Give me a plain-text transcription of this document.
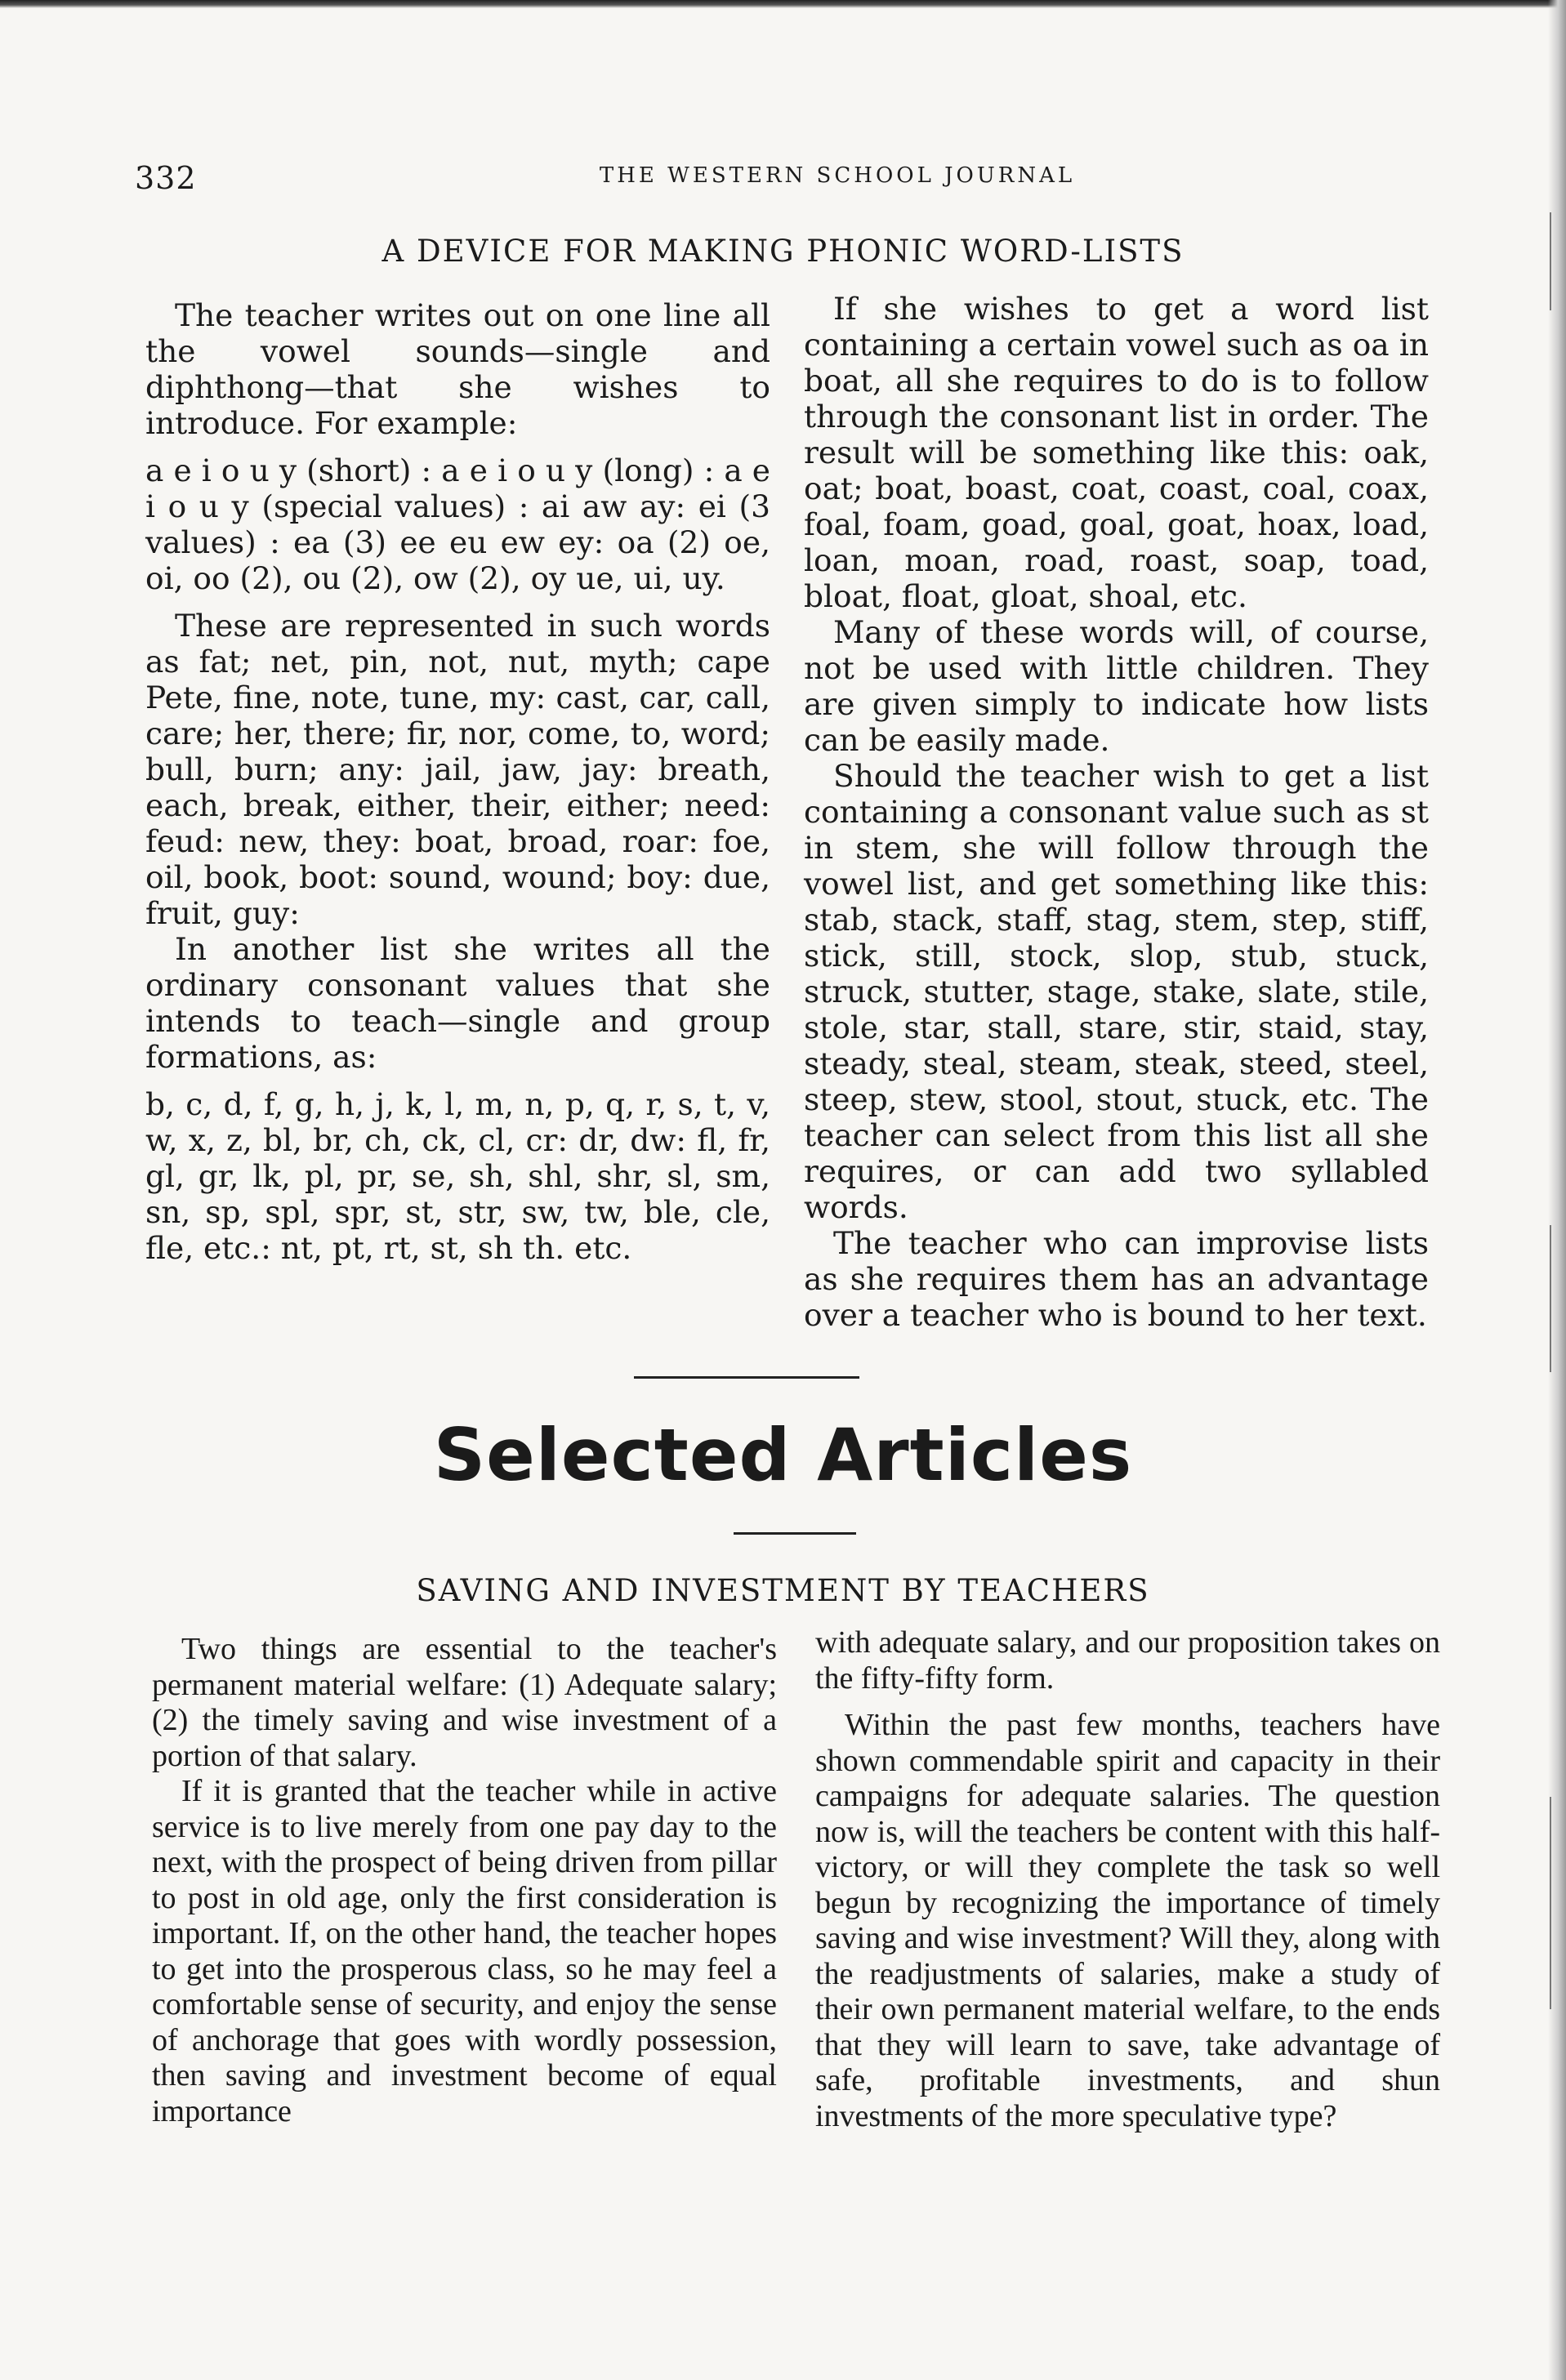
332	THE WESTERN SCHOOL JOURNAL
A DEVICE FOR MAKING PHONIC WORD-LISTS

The teacher writes out on one line all the vowel sounds—single and diphthong—that she wishes to introduce. For example:

a e i o u y (short) : a e i o u y (long) : a e i o u y (special values) : ai aw ay: ei (3 values) : ea (3) ee eu ew ey: oa (2) oe, oi, oo (2), ou (2), ow (2), oy ue, ui, uy.

These are represented in such words as fat; net, pin, not, nut, myth; cape Pete, fine, note, tune, my: cast, car, call, care; her, there; fir, nor, come, to, word; bull, burn; any: jail, jaw, jay: breath, each, break, either, their, either; need: feud: new, they: boat, broad, roar: foe, oil, book, boot: sound, wound; boy: due, fruit, guy:

In another list she writes all the ordinary consonant values that she intends to teach—single and group formations, as:

b, c, d, f, g, h, j, k, l, m, n, p, q, r, s, t, v, w, x, z, bl, br, ch, ck, cl, cr: dr, dw: fl, fr, gl, gr, lk, pl, pr, se, sh, shl, shr, sl, sm, sn, sp, spl, spr, st, str, sw, tw, ble, cle, fle, etc.: nt, pt, rt, st, sh th. etc.

If she wishes to get a word list containing a certain vowel such as oa in boat, all she requires to do is to follow through the consonant list in order. The result will be something like this: oak, oat; boat, boast, coat, coast, coal, coax, foal, foam, goad, goal, goat, hoax, load, loan, moan, road, roast, soap, toad, bloat, float, gloat, shoal, etc.

Many of these words will, of course, not be used with little children. They are given simply to indicate how lists can be easily made.

Should the teacher wish to get a list containing a consonant value such as st in stem, she will follow through the vowel list, and get something like this: stab, stack, staff, stag, stem, step, stiff, stick, still, stock, slop, stub, stuck, struck, stutter, stage, stake, slate, stile, stole, star, stall, stare, stir, staid, stay, steady, steal, steam, steak, steed, steel, steep, stew, stool, stout, stuck, etc. The teacher can select from this list all she requires, or can add two syllabled words.

The teacher who can improvise lists as she requires them has an advantage over a teacher who is bound to her text.

Selected Articles
SAVING AND INVESTMENT BY TEACHERS

Two things are essential to the teacher's permanent material welfare: (1) Adequate salary; (2) the timely saving and wise investment of a portion of that salary.

If it is granted that the teacher while in active service is to live merely from one pay day to the next, with the prospect of being driven from pillar to post in old age, only the first consideration is important. If, on the other hand, the teacher hopes to get into the prosperous class, so he may feel a comfortable sense of security, and enjoy the sense of anchorage that goes with wordly possession, then saving and investment become of equal importance

with adequate salary, and our proposition takes on the fifty-fifty form.

Within the past few months, teachers have shown commendable spirit and capacity in their campaigns for adequate salaries. The question now is, will the teachers be content with this half-victory, or will they complete the task so well begun by recognizing the importance of timely saving and wise investment? Will they, along with the readjustments of salaries, make a study of their own permanent material welfare, to the ends that they will learn to save, take advantage of safe, profitable investments, and shun investments of the more speculative type?
